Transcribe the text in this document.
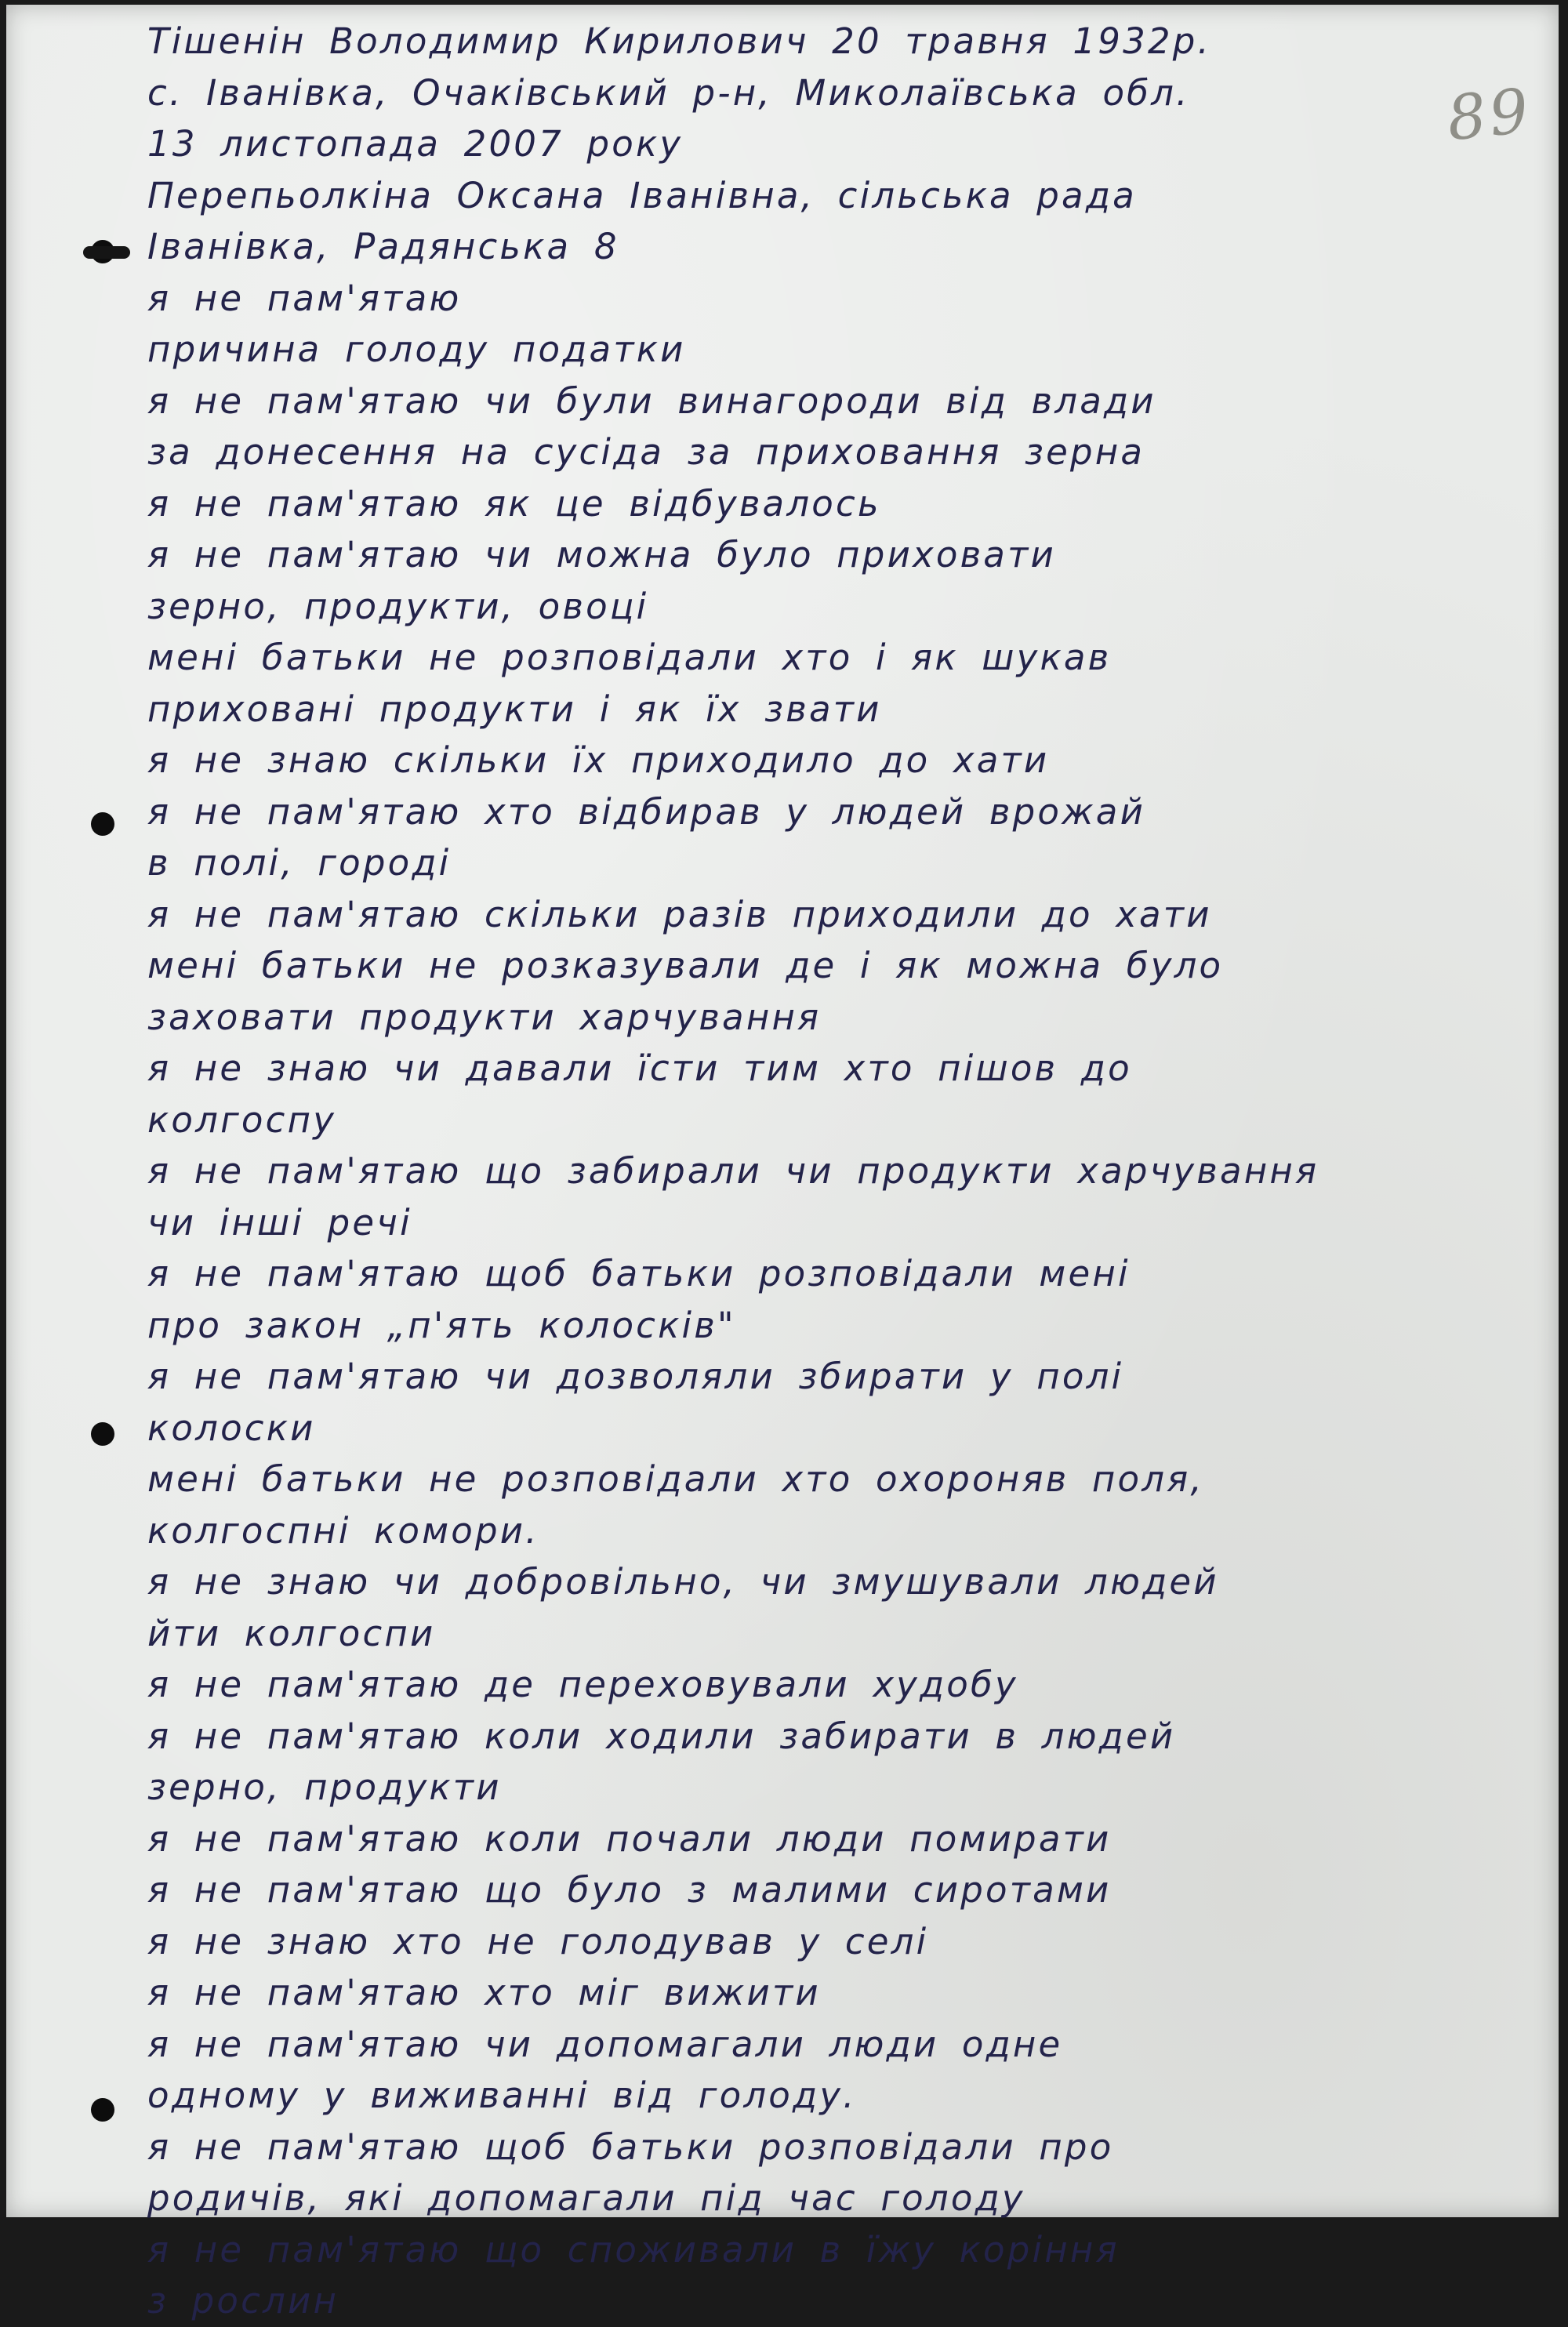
89
Тішенін Володимир Кирилович 20 травня 1932р.
с. Іванівка, Очаківський р-н, Миколаївська обл.
13 листопада 2007 року
Перепьолкіна Оксана Іванівна, сільська рада
Іванівка, Радянська 8
я не пам'ятаю
причина голоду податки
я не пам'ятаю чи були винагороди від влади
за донесення на сусіда за приховання зерна
я не пам'ятаю як це відбувалось
я не пам'ятаю чи можна було приховати
зерно, продукти, овоці
мені батьки не розповідали хто і як шукав
приховані продукти і як їх звати
я не знаю скільки їх приходило до хати
я не пам'ятаю хто відбирав у людей врожай
в полі, городі
я не пам'ятаю скільки разів приходили до хати
мені батьки не розказували де і як можна було
заховати продукти харчування
я не знаю чи давали їсти тим хто пішов до
колгоспу
я не пам'ятаю що забирали чи продукти харчування
чи інші речі
я не пам'ятаю щоб батьки розповідали мені
про закон „п'ять колосків"
я не пам'ятаю чи дозволяли збирати у полі
колоски
мені батьки не розповідали хто охороняв поля,
колгоспні комори.
я не знаю чи добровільно, чи змушували людей
йти колгоспи
я не пам'ятаю де переховували худобу
я не пам'ятаю коли ходили забирати в людей
зерно, продукти
я не пам'ятаю коли почали люди помирати
я не пам'ятаю що було з малими сиротами
я не знаю хто не голодував у селі
я не пам'ятаю хто міг вижити
я не пам'ятаю чи допомагали люди одне
одному у виживанні від голоду.
я не пам'ятаю щоб батьки розповідали про
родичів, які допомагали під час голоду
я не пам'ятаю що споживали в їжу коріння
з рослин
